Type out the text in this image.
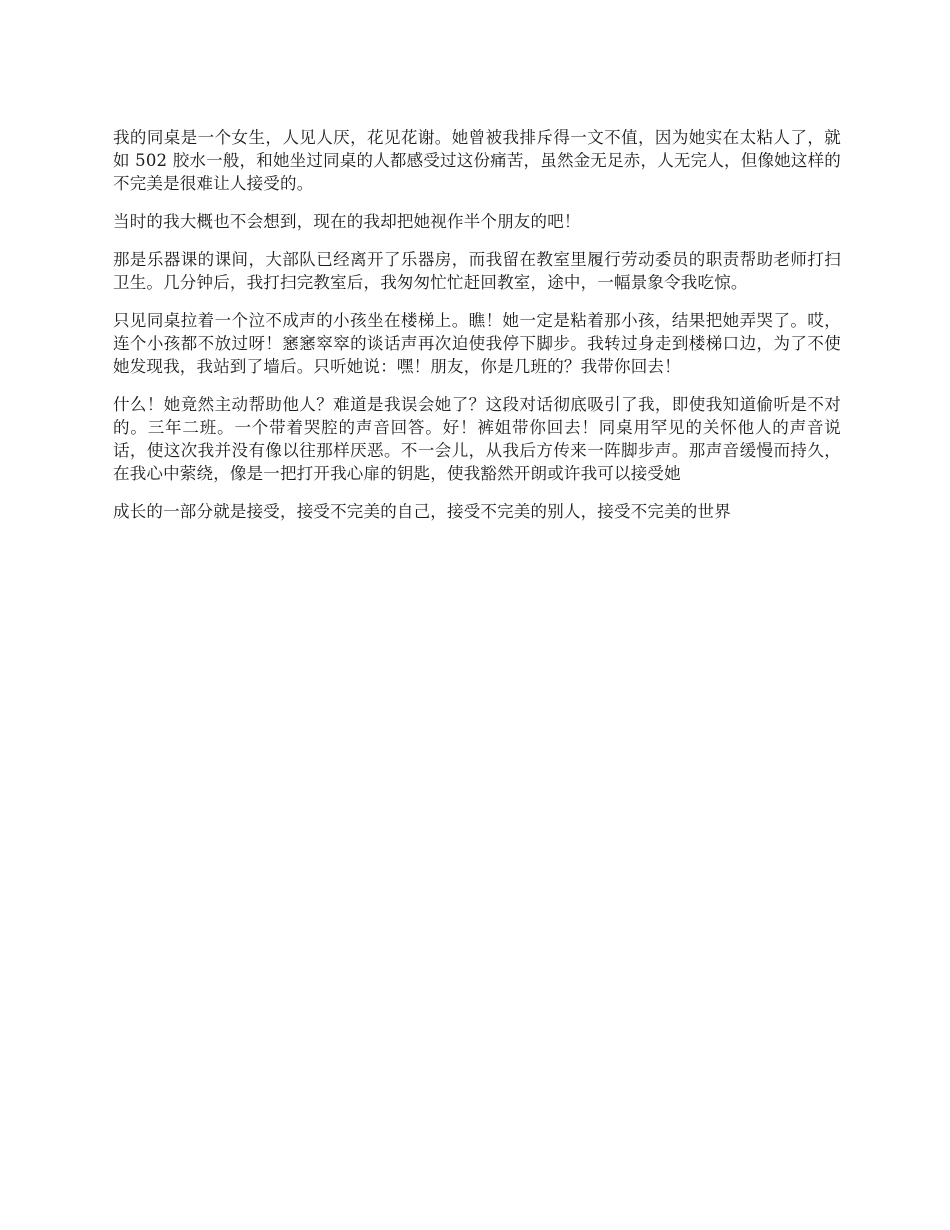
我的同桌是一个女生，人见人厌，花见花谢。她曾被我排斥得一文不值，因为她实在太粘人了，就如 502 胶水一般，和她坐过同桌的人都感受过这份痛苦，虽然金无足赤，人无完人，但像她这样的不完美是很难让人接受的。

当时的我大概也不会想到，现在的我却把她视作半个朋友的吧！

那是乐器课的课间，大部队已经离开了乐器房，而我留在教室里履行劳动委员的职责帮助老师打扫卫生。几分钟后，我打扫完教室后，我匆匆忙忙赶回教室，途中，一幅景象令我吃惊。

只见同桌拉着一个泣不成声的小孩坐在楼梯上。瞧！她一定是粘着那小孩，结果把她弄哭了。哎，连个小孩都不放过呀！窸窸窣窣的谈话声再次迫使我停下脚步。我转过身走到楼梯口边，为了不使她发现我，我站到了墙后。只听她说：嘿！朋友，你是几班的？我带你回去！

什么！她竟然主动帮助他人？难道是我误会她了？这段对话彻底吸引了我，即使我知道偷听是不对的。三年二班。一个带着哭腔的声音回答。好！裤姐带你回去！同桌用罕见的关怀他人的声音说话，使这次我并没有像以往那样厌恶。不一会儿，从我后方传来一阵脚步声。那声音缓慢而持久，在我心中萦绕，像是一把打开我心扉的钥匙，使我豁然开朗或许我可以接受她

成长的一部分就是接受，接受不完美的自己，接受不完美的别人，接受不完美的世界
